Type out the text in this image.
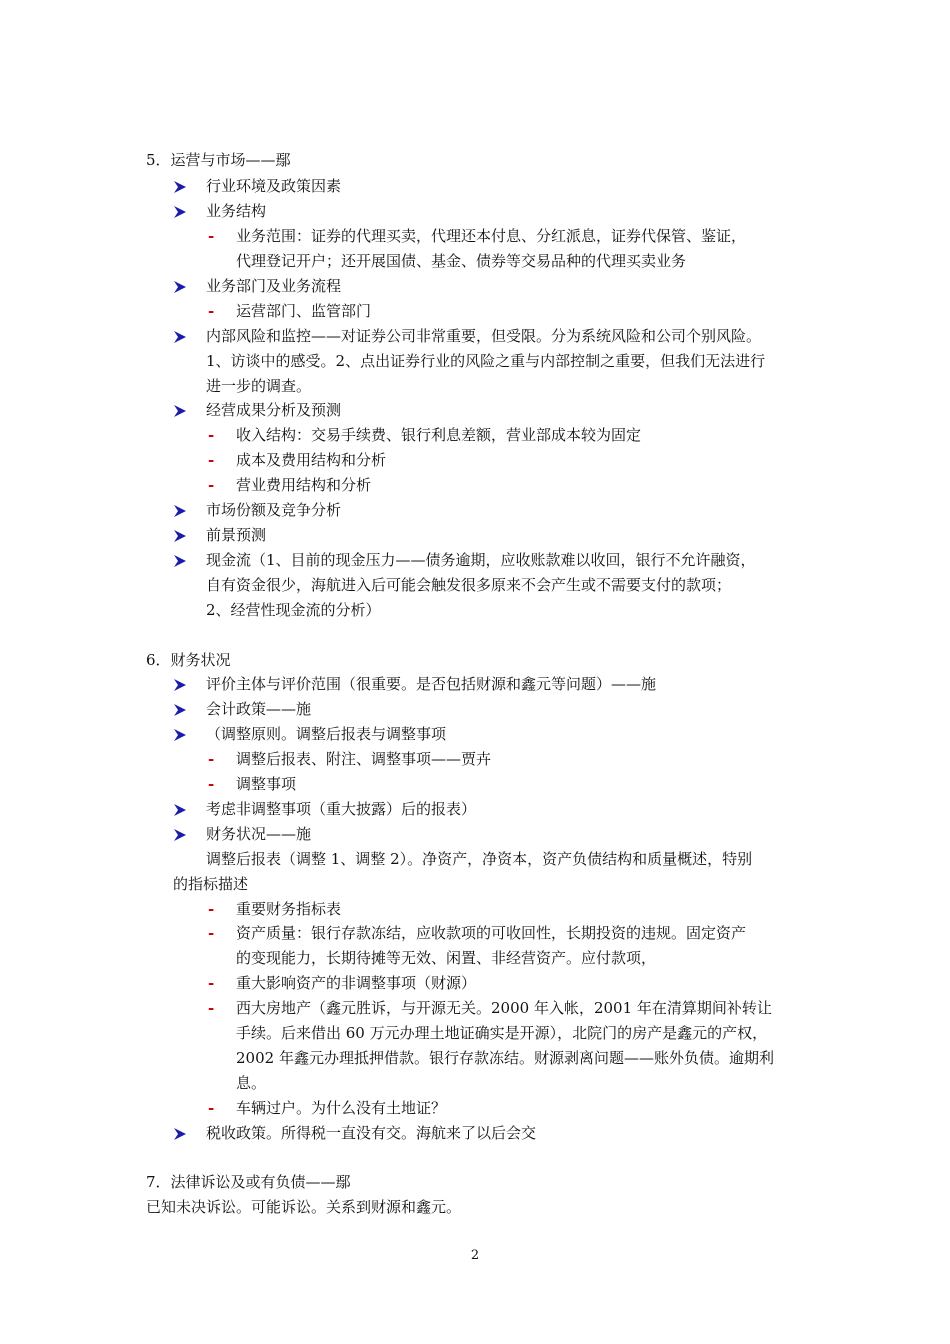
5．运营与市场——鄢
行业环境及政策因素
业务结构
- 业务范围：证券的代理买卖，代理还本付息、分红派息，证券代保管、鉴证，
代理登记开户；还开展国债、基金、债券等交易品种的代理买卖业务
业务部门及业务流程
- 运营部门、监管部门
内部风险和监控——对证券公司非常重要，但受限。分为系统风险和公司个别风险。
1、访谈中的感受。2、点出证券行业的风险之重与内部控制之重要，但我们无法进行
进一步的调查。
经营成果分析及预测
- 收入结构：交易手续费、银行利息差额，营业部成本较为固定
- 成本及费用结构和分析
- 营业费用结构和分析
市场份额及竞争分析
前景预测
现金流（1、目前的现金压力——债务逾期，应收账款难以收回，银行不允许融资，
自有资金很少，海航进入后可能会触发很多原来不会产生或不需要支付的款项；
2、经营性现金流的分析）
6．财务状况
评价主体与评价范围（很重要。是否包括财源和鑫元等问题）——施
会计政策——施
（调整原则。调整后报表与调整事项
- 调整后报表、附注、调整事项——贾卉
- 调整事项
考虑非调整事项（重大披露）后的报表）
财务状况——施
调整后报表（调整 1、调整 2）。净资产，净资本，资产负债结构和质量概述，特别
的指标描述
- 重要财务指标表
- 资产质量：银行存款冻结，应收款项的可收回性，长期投资的违规。固定资产
的变现能力，长期待摊等无效、闲置、非经营资产。应付款项，
- 重大影响资产的非调整事项（财源）
- 西大房地产（鑫元胜诉，与开源无关。2000 年入帐，2001 年在清算期间补转让
手续。后来借出 60 万元办理土地证确实是开源），北院门的房产是鑫元的产权，
2002 年鑫元办理抵押借款。银行存款冻结。财源剥离问题——账外负债。逾期利
息。
- 车辆过户。为什么没有土地证？
税收政策。所得税一直没有交。海航来了以后会交
7．法律诉讼及或有负债——鄢
已知未决诉讼。可能诉讼。关系到财源和鑫元。
2
